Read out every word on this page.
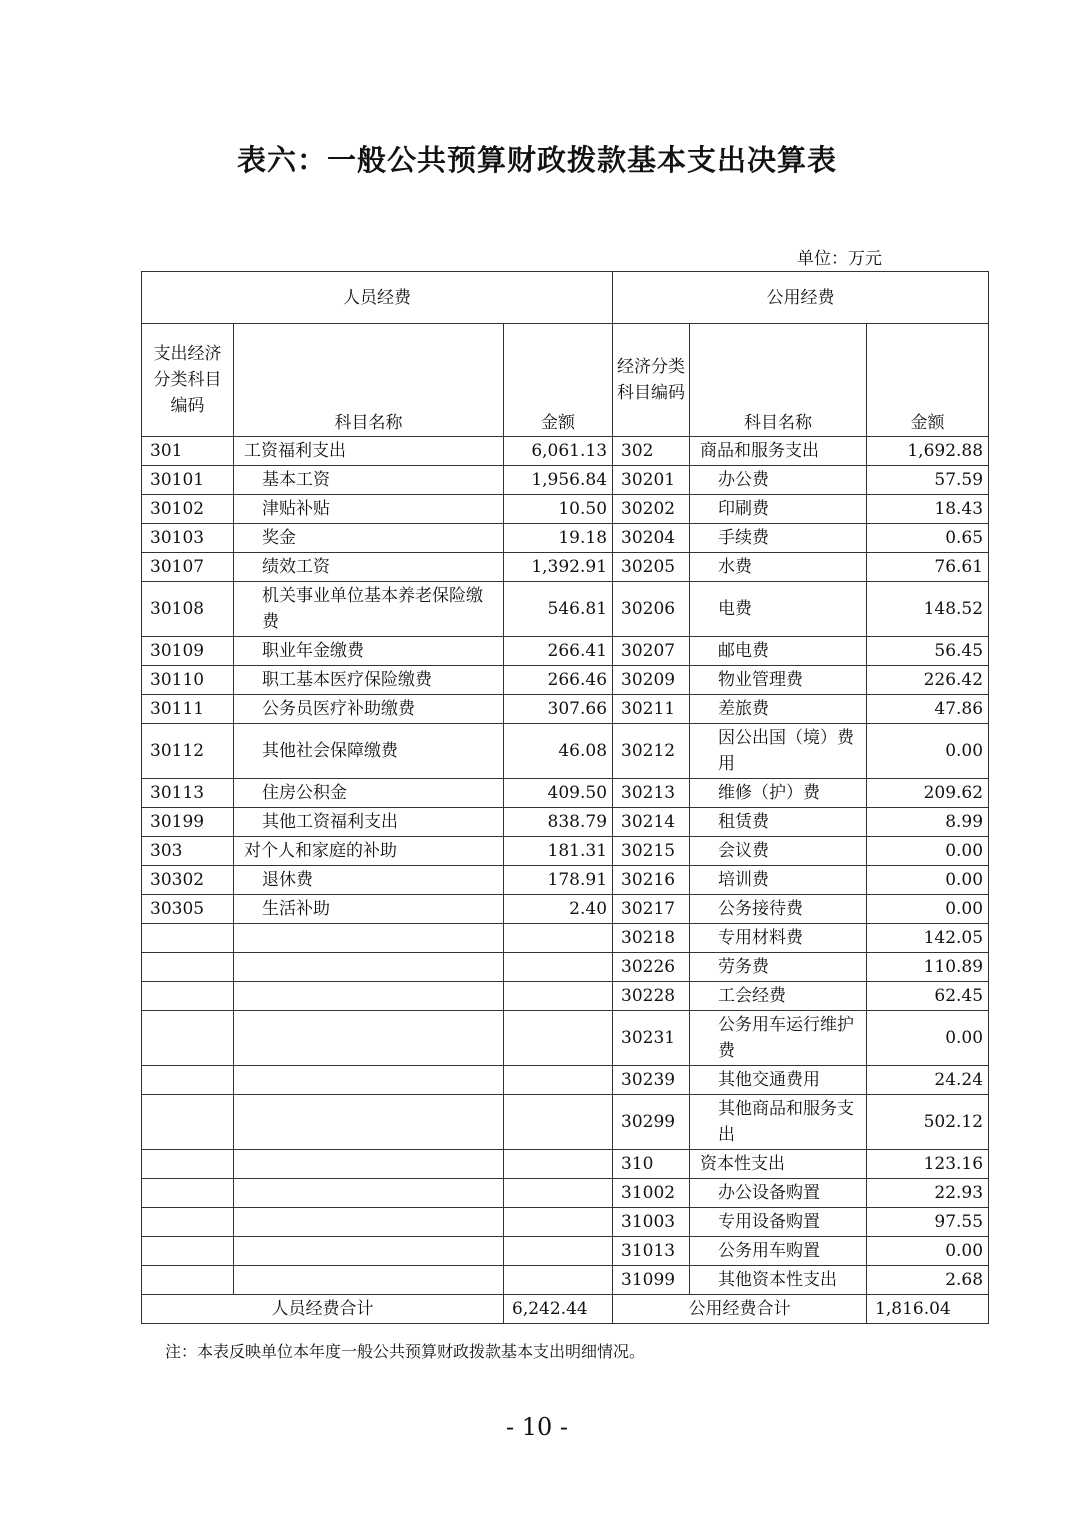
表六：一般公共预算财政拨款基本支出决算表
单位：万元
人员经费			公用经费		
支出经济分类科目编码	科目名称	金额	经济分类科目编码	科目名称	金额
301	工资福利支出	6,061.13	302	商品和服务支出	1,692.88
30101	基本工资	1,956.84	30201	办公费	57.59
30102	津贴补贴	10.50	30202	印刷费	18.43
30103	奖金	19.18	30204	手续费	0.65
30107	绩效工资	1,392.91	30205	水费	76.61
30108	机关事业单位基本养老保险缴费	546.81	30206	电费	148.52
30109	职业年金缴费	266.41	30207	邮电费	56.45
30110	职工基本医疗保险缴费	266.46	30209	物业管理费	226.42
30111	公务员医疗补助缴费	307.66	30211	差旅费	47.86
30112	其他社会保障缴费	46.08	30212	因公出国（境）费用	0.00
30113	住房公积金	409.50	30213	维修（护）费	209.62
30199	其他工资福利支出	838.79	30214	租赁费	8.99
303	对个人和家庭的补助	181.31	30215	会议费	0.00
30302	退休费	178.91	30216	培训费	0.00
30305	生活补助	2.40	30217	公务接待费	0.00
			30218	专用材料费	142.05
			30226	劳务费	110.89
			30228	工会经费	62.45
			30231	公务用车运行维护费	0.00
			30239	其他交通费用	24.24
			30299	其他商品和服务支出	502.12
			310	资本性支出	123.16
			31002	办公设备购置	22.93
			31003	专用设备购置	97.55
			31013	公务用车购置	0.00
			31099	其他资本性支出	2.68
人员经费合计		6,242.44	公用经费合计		1,816.04
注：本表反映单位本年度一般公共预算财政拨款基本支出明细情况。
- 10 -
